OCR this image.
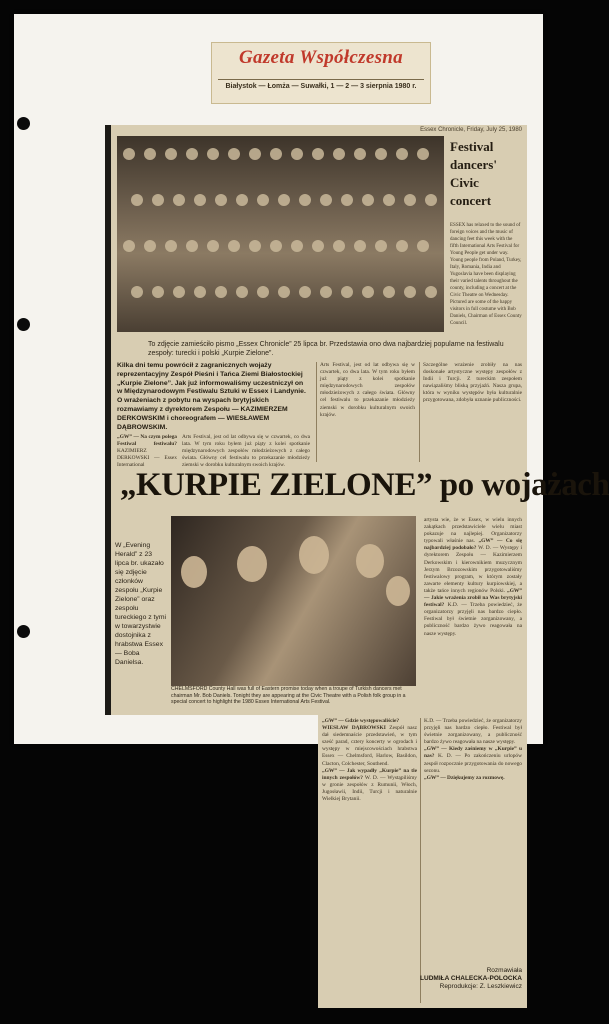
Gazeta Współczesna
Białystok — Łomża — Suwałki, 1 — 2 — 3 sierpnia 1980 r.
Essex Chronicle, Friday, July 25, 1980
Festival dancers' Civic concert
ESSEX has relaxed to the sound of foreign voices and the music of dancing feet this week with the fifth International Arts Festival for Young People get under way. Young people from Poland, Turkey, Italy, Romania, India and Yugoslavia have been displaying their varied talents throughout the county, including a concert at the Civic Theatre on Wednesday. Pictured are some of the happy visitors in full costume with Bob Daniels, Chairman of Essex County Council.
To zdjęcie zamieściło pismo „Essex Chronicle” 25 lipca br. Przedstawia ono dwa najbardziej popularne na festiwalu zespoły: turecki i polski „Kurpie Zielone”.
Kilka dni temu powrócił z zagranicznych wojaży reprezentacyjny Zespół Pieśni i Tańca Ziemi Białostockiej „Kurpie Zielone”. Jak już informowaliśmy uczestniczył on w Międzynarodowym Festiwalu Sztuki w Essex i Landynie. O wrażeniach z pobytu na wyspach brytyjskich rozmawiamy z dyrektorem Zespołu — KAZIMIERZEM DERKOWSKIM i choreografem — WIESŁAWEM DĄBROWSKIM.
„GW” — Na czym polega Festiwal festiwalu? KAZIMIERZ DERKOWSKI — Essex International
Arts Festival, jest od lat odbywa się w czwartek, co dwa lata. W tym roku byłem już piąty z kolei spotkanie międzynarodowych zespołów młodzieżowych z całego świata. Główny cel festiwalu to przekazanie młodzieży ziemski w dorobku kulturalnym swoich krajów.
Arts Festival, jest od lat odbywa się w czwartek, co dwa lata. W tym roku byłem już piąty z kolei spotkanie międzynarodowych zespołów młodzieżowych z całego świata. Główny cel festiwalu to przekazanie młodzieży ziemski w dorobku kulturalnym swoich krajów.
Szczególne wrażenie zrobiły na nas doskonałe artystyczne występy zespołów z Indii i Turcji. Z tureckim zespołem nawiązaliśmy bliską przyjaźń. Nasza grupa, która w wyniku występów była kulturalnie przygotowana, zdobyła uznanie publiczności.
„KURPIE ZIELONE” po wojażach
W „Evening Herald” z 23 lipca br. ukazało się zdjęcie członków zespołu „Kurpie Zielone” oraz zespołu tureckiego z tymi w towarzystwie dostojnika z hrabstwa Essex — Boba Danielsa.
CHELMSFORD County Hall was full of Eastern promise today when a troupe of Turkish dancers met chairman Mr. Bob Daniels. Tonight they are appearing at the Civic Theatre with a Polish folk group in a special concert to highlight the 1980 Essex International Arts Festival.
artysta wie, że w Essex, w wielu innych zakątkach przedstawiciele wielu miast pokazuje na najlepiej. Organizatorzy typowali właśnie nas. „GW” — Co się najbardziej podobało? W. D. — Występy i dyrektorem Zespołu — Kazimierzem Derkowskim i kierownikiem muzycznym Jerzym Brzozowskim przygotowaliśmy festiwalowy program, w którym zostały zawarte elementy kultury kurpiowskiej, a także tańce innych regionów Polski. „GW” — Jakie wrażenia zrobił na Was brytyjski festiwal? K.D. — Trzeba powiedzieć, że organizatorzy przyjęli nas bardzo ciepło. Festiwal był świetnie zorganizowany, a publiczność bardzo żywo reagowała na nasze występy.
„GW” — Gdzie występowaliście?
WIESŁAW DĄBROWSKI Zespół nasz dał siedemnaście przedstawień, w tym sześć parad, cztery koncerty w ogrodach i występy w miejscowościach hrabstwa Essex — Chelmsford, Harlow, Basildon, Clacton, Colchester, Southend.
„GW” — Jak wypadły „Kurpie” na tle innych zespołów? W. D. — Wystąpiliśmy w gronie zespołów z Rumunii, Włoch, Jugosławii, Indii, Turcji i naturalnie Wielkiej Brytanii.
K.D. — Trzeba powiedzieć, że organizatorzy przyjęli nas bardzo ciepło. Festiwal był świetnie zorganizowany, a publiczność bardzo żywo reagowała na nasze występy.
„GW” — Kiedy zaśniemy w „Kurpie” u nas? K. D. — Po zakończeniu urlopów zespół rozpocznie przygotowania do nowego sezonu.
„GW” — Dziękujemy za rozmowę.
Rozmawiała
LUDMIŁA CHALECKA-POLOCKA
Reprodukcje: Z. Leszkiewicz
